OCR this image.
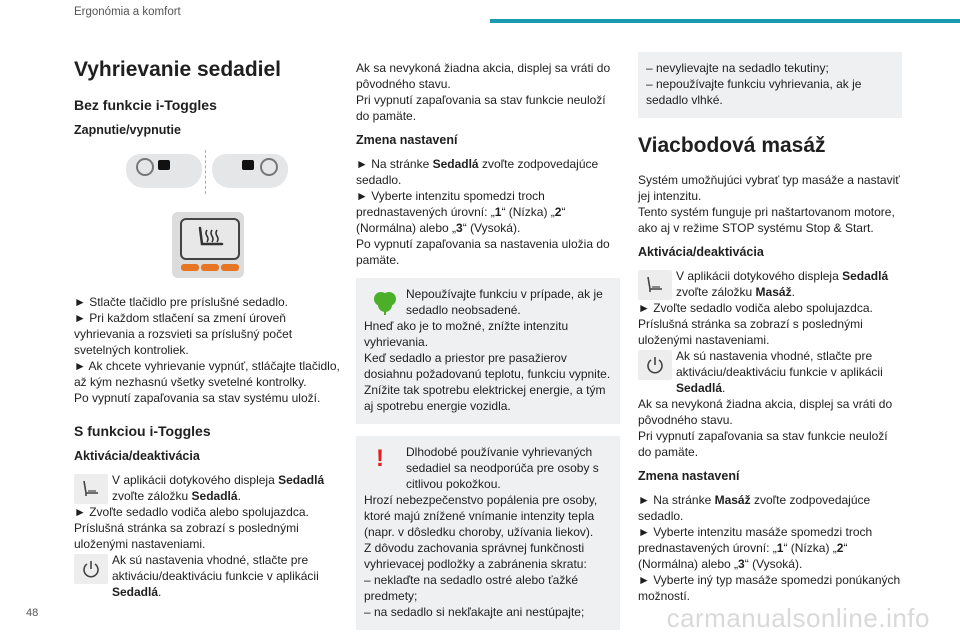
Ergonómia a komfort
Vyhrievanie sedadiel
Bez funkcie i-Toggles
Zapnutie/vypnutie

► Stlačte tlačidlo pre príslušné sedadlo.

► Pri každom stlačení sa zmení úroveň vyhrievania a rozsvieti sa príslušný počet svetelných kontroliek.

► Ak chcete vyhrievanie vypnúť, stláčajte tlačidlo, až kým nezhasnú všetky svetelné kontrolky.

Po vypnutí zapaľovania sa stav systému uloží.

S funkciou i-Toggles
Aktivácia/deaktivácia
V aplikácii dotykového displeja Sedadlá zvoľte záložku Sedadlá.

► Zvoľte sedadlo vodiča alebo spolujazdca.

Príslušná stránka sa zobrazí s poslednými uloženými nastaveniami.

Ak sú nastavenia vhodné, stlačte pre aktiváciu/deaktiváciu funkcie v aplikácii Sedadlá.

Ak sa nevykoná žiadna akcia, displej sa vráti do pôvodného stavu.

Pri vypnutí zapaľovania sa stav funkcie neuloží do pamäte.

Zmena nastavení

► Na stránke Sedadlá zvoľte zodpovedajúce sedadlo.

► Vyberte intenzitu spomedzi troch prednastavených úrovní: „1“ (Nízka) „2“ (Normálna) alebo „3“ (Vysoká).

Po vypnutí zapaľovania sa nastavenia uložia do pamäte.

Nepoužívajte funkciu v prípade, ak je sedadlo neobsadené.

Hneď ako je to možné, znížte intenzitu vyhrievania.

Keď sedadlo a priestor pre pasažierov dosiahnu požadovanú teplotu, funkciu vypnite. Znížite tak spotrebu elektrickej energie, a tým aj spotrebu energie vozidla.

! Dlhodobé používanie vyhrievaných sedadiel sa neodporúča pre osoby s citlivou pokožkou.

Hrozí nebezpečenstvo popálenia pre osoby, ktoré majú znížené vnímanie intenzity tepla (napr. v dôsledku choroby, užívania liekov).

Z dôvodu zachovania správnej funkčnosti vyhrievacej podložky a zabránenia skratu:

– neklaďte na sedadlo ostré alebo ťažké predmety;

– na sedadlo si nekľakajte ani nestúpajte;

– nevylievajte na sedadlo tekutiny;

– nepoužívajte funkciu vyhrievania, ak je sedadlo vlhké.

Viacbodová masáž

Systém umožňujúci vybrať typ masáže a nastaviť jej intenzitu.

Tento systém funguje pri naštartovanom motore, ako aj v režime STOP systému Stop & Start.

Aktivácia/deaktivácia
V aplikácii dotykového displeja Sedadlá zvoľte záložku Masáž.

► Zvoľte sedadlo vodiča alebo spolujazdca.

Príslušná stránka sa zobrazí s poslednými uloženými nastaveniami.

Ak sú nastavenia vhodné, stlačte pre aktiváciu/deaktiváciu funkcie v aplikácii Sedadlá.

Ak sa nevykoná žiadna akcia, displej sa vráti do pôvodného stavu.

Pri vypnutí zapaľovania sa stav funkcie neuloží do pamäte.

Zmena nastavení

► Na stránke Masáž zvoľte zodpovedajúce sedadlo.

► Vyberte intenzitu masáže spomedzi troch prednastavených úrovní: „1“ (Nízka) „2“ (Normálna) alebo „3“ (Vysoká).

► Vyberte iný typ masáže spomedzi ponúkaných možností.

48	carmanualsonline.info
